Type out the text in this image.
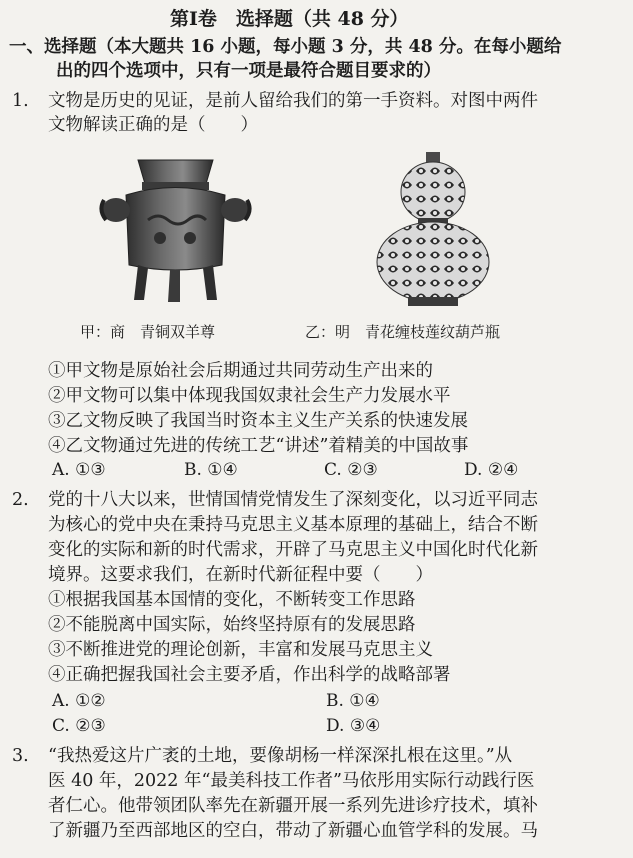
第Ⅰ卷　选择题（共 48 分）
一、选择题（本大题共 16 小题，每小题 3 分，共 48 分。在每小题给
出的四个选项中，只有一项是最符合题目要求的）
1. 文物是历史的见证，是前人留给我们的第一手资料。对图中两件
文物解读正确的是（　　）
甲：商　青铜双羊尊	乙：明　青花缠枝莲纹葫芦瓶
①甲文物是原始社会后期通过共同劳动生产出来的
②甲文物可以集中体现我国奴隶社会生产力发展水平
③乙文物反映了我国当时资本主义生产关系的快速发展
④乙文物通过先进的传统工艺“讲述”着精美的中国故事
A. ①③	B. ①④	C. ②③	D. ②④
2. 党的十八大以来，世情国情党情发生了深刻变化，以习近平同志
为核心的党中央在秉持马克思主义基本原理的基础上，结合不断
变化的实际和新的时代需求，开辟了马克思主义中国化时代化新
境界。这要求我们，在新时代新征程中要（　　）
①根据我国基本国情的变化，不断转变工作思路
②不能脱离中国实际，始终坚持原有的发展思路
③不断推进党的理论创新，丰富和发展马克思主义
④正确把握我国社会主要矛盾，作出科学的战略部署
A. ①②	B. ①④
C. ②③	D. ③④
3. “我热爱这片广袤的土地，要像胡杨一样深深扎根在这里。”从
医 40 年，2022 年“最美科技工作者”马依彤用实际行动践行医
者仁心。他带领团队率先在新疆开展一系列先进诊疗技术，填补
了新疆乃至西部地区的空白，带动了新疆心血管学科的发展。马
